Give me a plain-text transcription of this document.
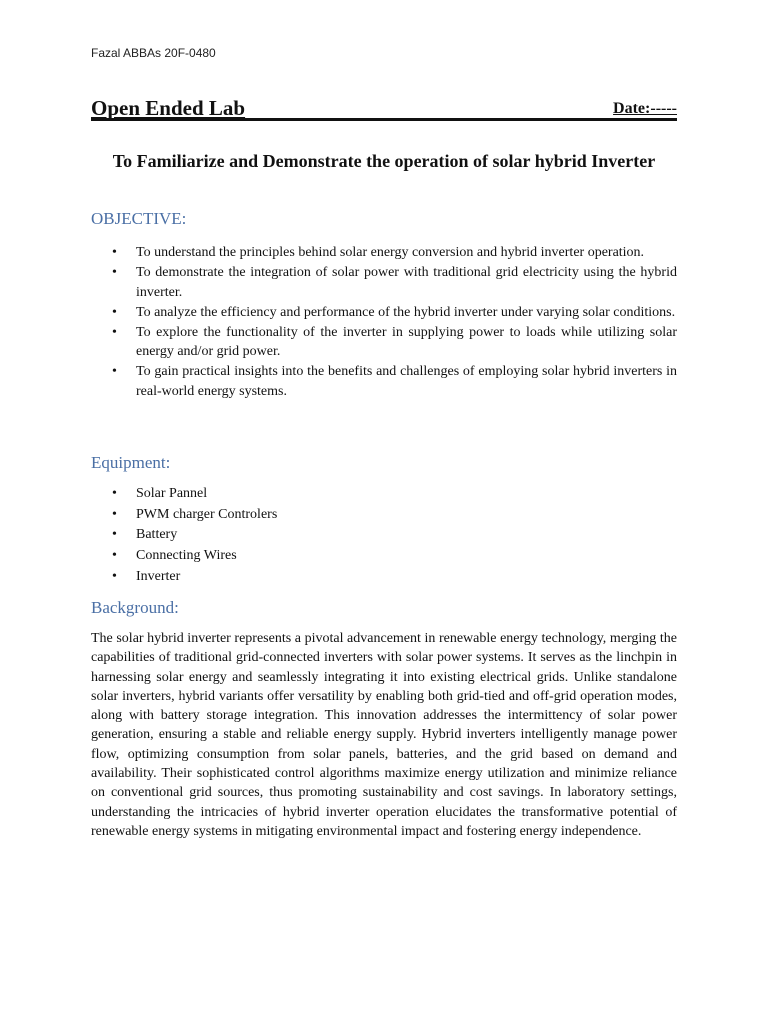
Fazal ABBAs 20F-0480
Open Ended Lab	Date:-----
To Familiarize and Demonstrate the operation of solar hybrid Inverter
OBJECTIVE:
• To understand the principles behind solar energy conversion and hybrid inverter operation.
• To demonstrate the integration of solar power with traditional grid electricity using the hybrid inverter.
• To analyze the efficiency and performance of the hybrid inverter under varying solar conditions.
• To explore the functionality of the inverter in supplying power to loads while utilizing solar energy and/or grid power.
• To gain practical insights into the benefits and challenges of employing solar hybrid inverters in real-world energy systems.
Equipment:
• Solar Pannel
• PWM charger Controlers
• Battery
• Connecting Wires
• Inverter
Background:

The solar hybrid inverter represents a pivotal advancement in renewable energy technology, merging the capabilities of traditional grid-connected inverters with solar power systems. It serves as the linchpin in harnessing solar energy and seamlessly integrating it into existing electrical grids. Unlike standalone solar inverters, hybrid variants offer versatility by enabling both grid-tied and off-grid operation modes, along with battery storage integration. This innovation addresses the intermittency of solar power generation, ensuring a stable and reliable energy supply. Hybrid inverters intelligently manage power flow, optimizing consumption from solar panels, batteries, and the grid based on demand and availability. Their sophisticated control algorithms maximize energy utilization and minimize reliance on conventional grid sources, thus promoting sustainability and cost savings. In laboratory settings, understanding the intricacies of hybrid inverter operation elucidates the transformative potential of renewable energy systems in mitigating environmental impact and fostering energy independence.
